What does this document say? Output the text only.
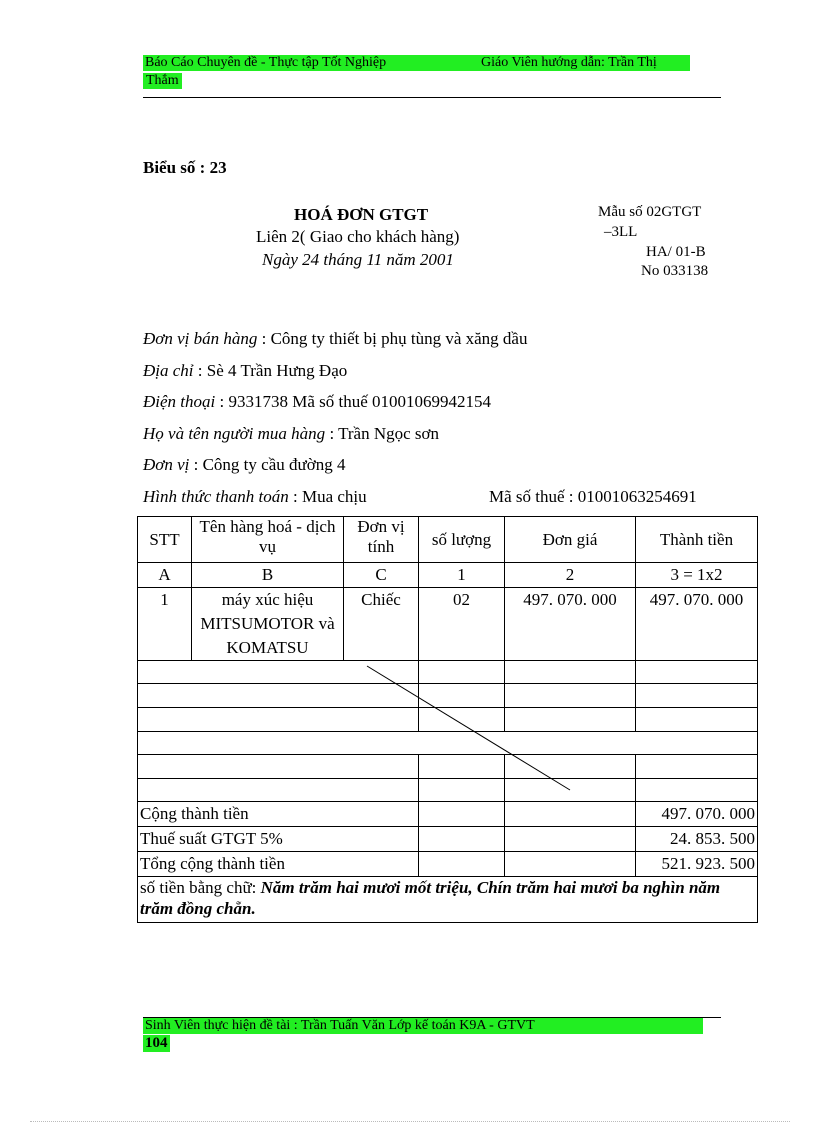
Báo Cáo Chuyên đề - Thực tập Tốt Nghiệp	Giáo Viên hướng dẫn: Trần Thị
Thắm
Biểu số : 23
HOÁ ĐƠN GTGT
Liên 2( Giao cho khách hàng)
Ngày 24 tháng 11 năm 2001
Mẫu số 02GTGT
–3LL
HA/ 01-B
No 033138
Đơn vị bán hàng : Công ty thiết bị phụ tùng và xăng dầu
Địa chỉ : Sè 4 Trần Hưng Đạo
Điện thoại : 9331738 Mã số thuế 01001069942154
Họ và tên người mua hàng : Trần Ngọc sơn
Đơn vị : Công ty cầu đường 4
Hình thức thanh toán : Mua chịu	Mã số thuế : 01001063254691
STT	Tên hàng hoá - dịch vụ	Đơn vị tính	số lượng	Đơn giá	Thành tiền
A	B	C	1	2	3 = 1x2
1	máy xúc hiệu MITSUMOTOR và KOMATSU	Chiếc	02	497. 070. 000	497. 070. 000

Cộng thành tiền					497. 070. 000
Thuế suất GTGT 5%					24. 853. 500
Tổng cộng thành tiền					521. 923. 500
số tiền bằng chữ: Năm trăm hai mươi mốt triệu, Chín trăm hai mươi ba nghìn năm trăm đồng chẵn.					
Sinh Viên thực hiện đề tài : Trần Tuấn Văn Lớp kế toán K9A - GTVT
104
